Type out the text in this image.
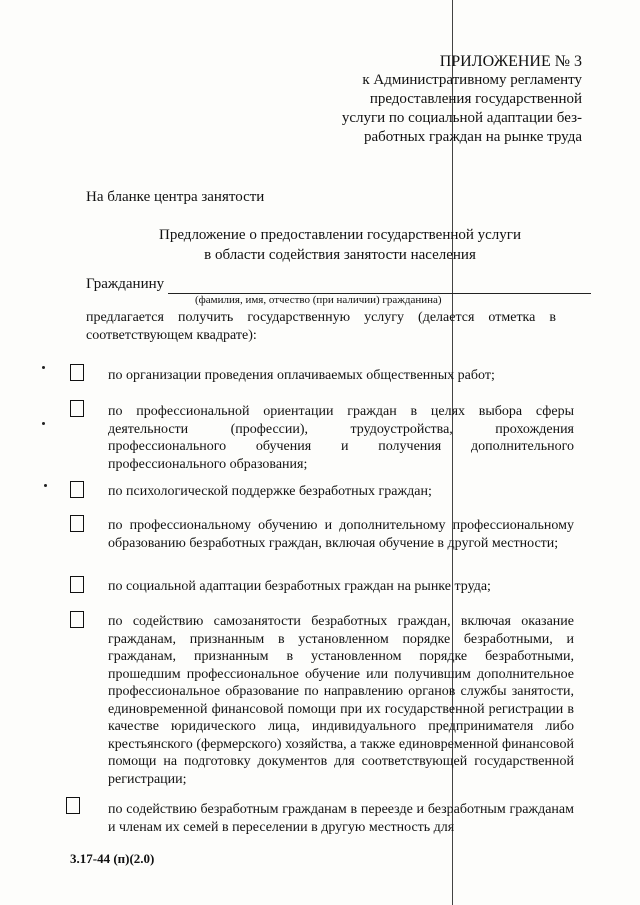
ПРИЛОЖЕНИЕ № 3
к Административному регламенту
предоставления государственной
услуги по социальной адаптации без-
работных граждан на рынке труда
На бланке центра занятости
Предложение о предоставлении государственной услуги
в области содействия занятости населения
Гражданину
(фамилия, имя, отчество (при наличии) гражданина)
предлагается получить государственную услугу (делается отметка в соответствующем квадрате):
по организации проведения оплачиваемых общественных работ;
по профессиональной ориентации граждан в целях выбора сферы деятельности (профессии), трудоустройства, прохождения профессионального обучения и получения дополнительного профессионального образования;
по психологической поддержке безработных граждан;
по профессиональному обучению и дополнительному профессиональному образованию безработных граждан, включая обучение в другой местности;
по социальной адаптации безработных граждан на рынке труда;
по содействию самозанятости безработных граждан, включая оказание гражданам, признанным в установленном порядке безработными, и гражданам, признанным в установленном порядке безработными, прошедшим профессиональное обучение или получившим дополнительное профессиональное образование по направлению органов службы занятости, единовременной финансовой помощи при их государственной регистрации в качестве юридического лица, индивидуального предпринимателя либо крестьянского (фермерского) хозяйства, а также единовременной финансовой помощи на подготовку документов для соответствующей государственной регистрации;
по содействию безработным гражданам в переезде и безработным гражданам и членам их семей в переселении в другую местность для
3.17-44 (п)(2.0)
